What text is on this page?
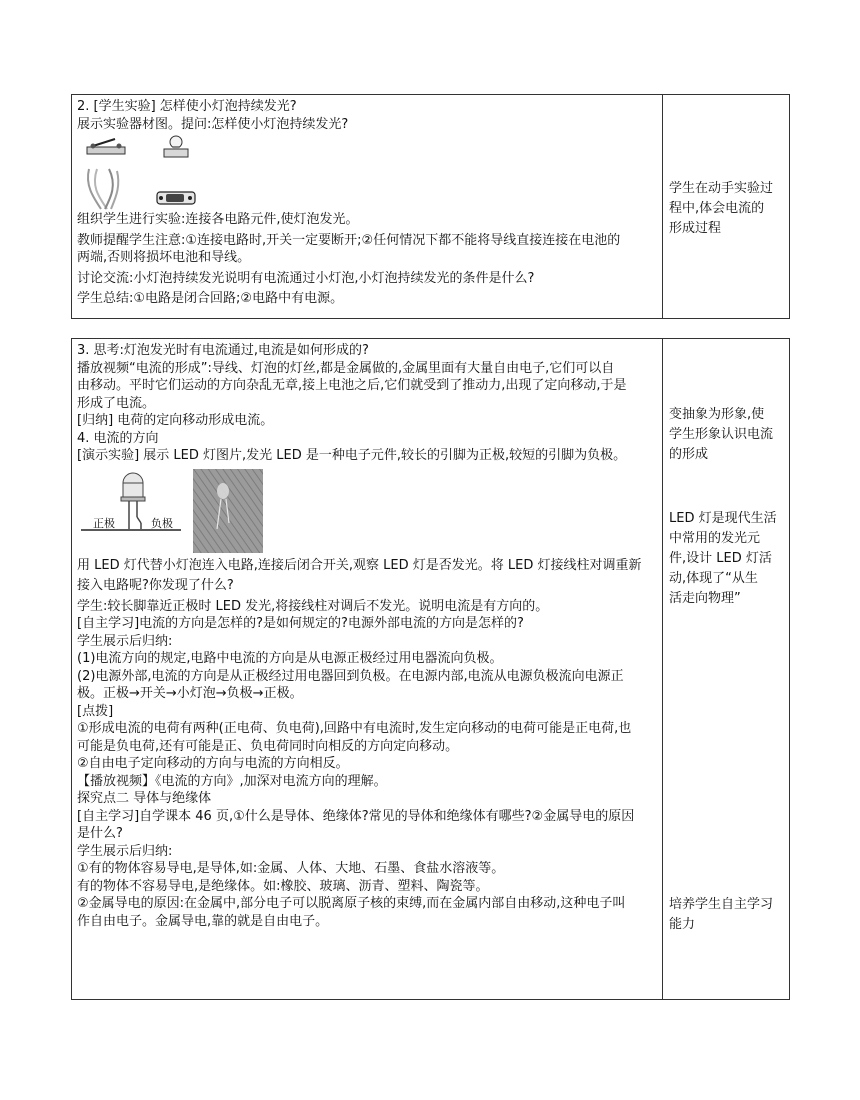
2. [学生实验] 怎样使小灯泡持续发光?

展示实验器材图。提问:怎样使小灯泡持续发光?

组织学生进行实验:连接各电路元件,使灯泡发光。

教师提醒学生注意:①连接电路时,开关一定要断开;②任何情况下都不能将导线直接连接在电池的

两端,否则将损坏电池和导线。

讨论交流:小灯泡持续发光说明有电流通过小灯泡,小灯泡持续发光的条件是什么?

学生总结:①电路是闭合回路;②电路中有电源。

学生在动手实验过

程中,体会电流的

形成过程

3. 思考:灯泡发光时有电流通过,电流是如何形成的?

播放视频“电流的形成”:导线、灯泡的灯丝,都是金属做的,金属里面有大量自由电子,它们可以自

由移动。平时它们运动的方向杂乱无章,接上电池之后,它们就受到了推动力,出现了定向移动,于是

形成了电流。

[归纳] 电荷的定向移动形成电流。

4. 电流的方向

[演示实验] 展示 LED 灯图片,发光 LED 是一种电子元件,较长的引脚为正极,较短的引脚为负极。

正极	负极

用 LED 灯代替小灯泡连入电路,连接后闭合开关,观察 LED 灯是否发光。将 LED 灯接线柱对调重新

接入电路呢?你发现了什么?

学生:较长脚靠近正极时 LED 发光,将接线柱对调后不发光。说明电流是有方向的。

[自主学习]电流的方向是怎样的?是如何规定的?电源外部电流的方向是怎样的?

学生展示后归纳:

(1)电流方向的规定,电路中电流的方向是从电源正极经过用电器流向负极。

(2)电源外部,电流的方向是从正极经过用电器回到负极。在电源内部,电流从电源负极流向电源正

极。正极→开关→小灯泡→负极→正极。

[点拨]

①形成电流的电荷有两种(正电荷、负电荷),回路中有电流时,发生定向移动的电荷可能是正电荷,也

可能是负电荷,还有可能是正、负电荷同时向相反的方向定向移动。

②自由电子定向移动的方向与电流的方向相反。

【播放视频】《电流的方向》,加深对电流方向的理解。

探究点二 导体与绝缘体

[自主学习]自学课本 46 页,①什么是导体、绝缘体?常见的导体和绝缘体有哪些?②金属导电的原因

是什么?

学生展示后归纳:

①有的物体容易导电,是导体,如:金属、人体、大地、石墨、食盐水溶液等。

有的物体不容易导电,是绝缘体。如:橡胶、玻璃、沥青、塑料、陶瓷等。

②金属导电的原因:在金属中,部分电子可以脱离原子核的束缚,而在金属内部自由移动,这种电子叫

作自由电子。金属导电,靠的就是自由电子。

变抽象为形象,使

学生形象认识电流

的形成

LED 灯是现代生活

中常用的发光元

件,设计 LED 灯活

动,体现了“从生

活走向物理”

培养学生自主学习

能力
